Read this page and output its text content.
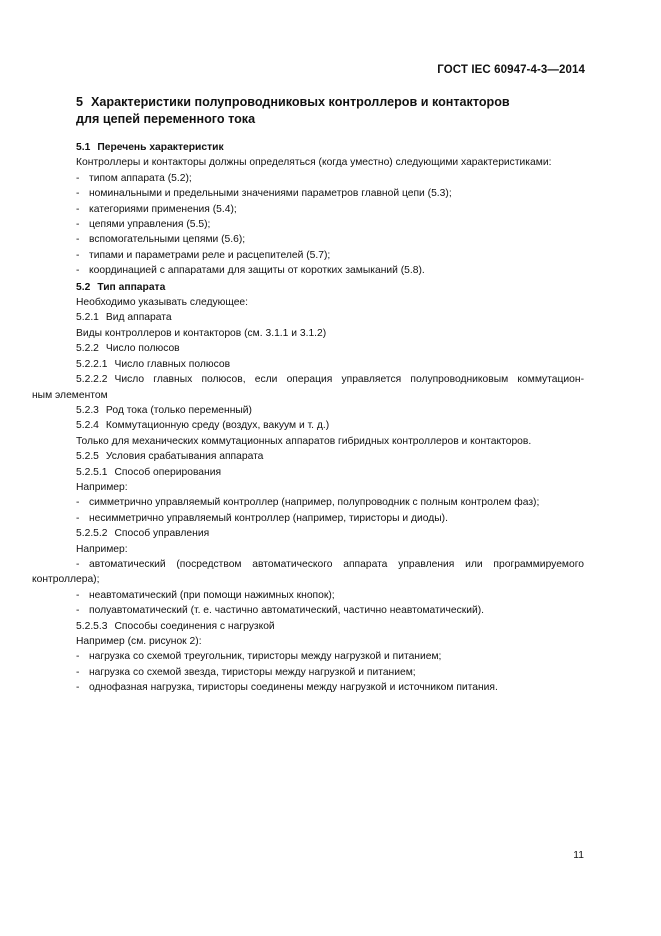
ГОСТ IEC 60947-4-3—2014
5 Характеристики полупроводниковых контроллеров и контакторов
для цепей переменного тока
5.1 Перечень характеристик
Контроллеры и контакторы должны определяться (когда уместно) следующими характеристиками:
- типом аппарата (5.2);
- номинальными и предельными значениями параметров главной цепи (5.3);
- категориями применения (5.4);
- цепями управления (5.5);
- вспомогательными цепями (5.6);
- типами и параметрами реле и расцепителей (5.7);
- координацией с аппаратами для защиты от коротких замыканий (5.8).
5.2 Тип аппарата
Необходимо указывать следующее:
5.2.1 Вид аппарата
Виды контроллеров и контакторов (см. 3.1.1 и 3.1.2)
5.2.2 Число полюсов
5.2.2.1 Число главных полюсов
5.2.2.2 Число главных полюсов, если операция управляется полупроводниковым коммутацион-
ным элементом
5.2.3 Род тока (только переменный)
5.2.4 Коммутационную среду (воздух, вакуум и т. д.)
Только для механических коммутационных аппаратов гибридных контроллеров и контакторов.
5.2.5 Условия срабатывания аппарата
5.2.5.1 Способ оперирования
Например:
- симметрично управляемый контроллер (например, полупроводник с полным контролем фаз);
- несимметрично управляемый контроллер (например, тиристоры и диоды).
5.2.5.2 Способ управления
Например:
- автоматический (посредством автоматического аппарата управления или программируемого
контроллера);
- неавтоматический (при помощи нажимных кнопок);
- полуавтоматический (т. е. частично автоматический, частично неавтоматический).
5.2.5.3 Способы соединения с нагрузкой
Например (см. рисунок 2):
- нагрузка со схемой треугольник, тиристоры между нагрузкой и питанием;
- нагрузка со схемой звезда, тиристоры между нагрузкой и питанием;
- однофазная нагрузка, тиристоры соединены между нагрузкой и источником питания.
11
